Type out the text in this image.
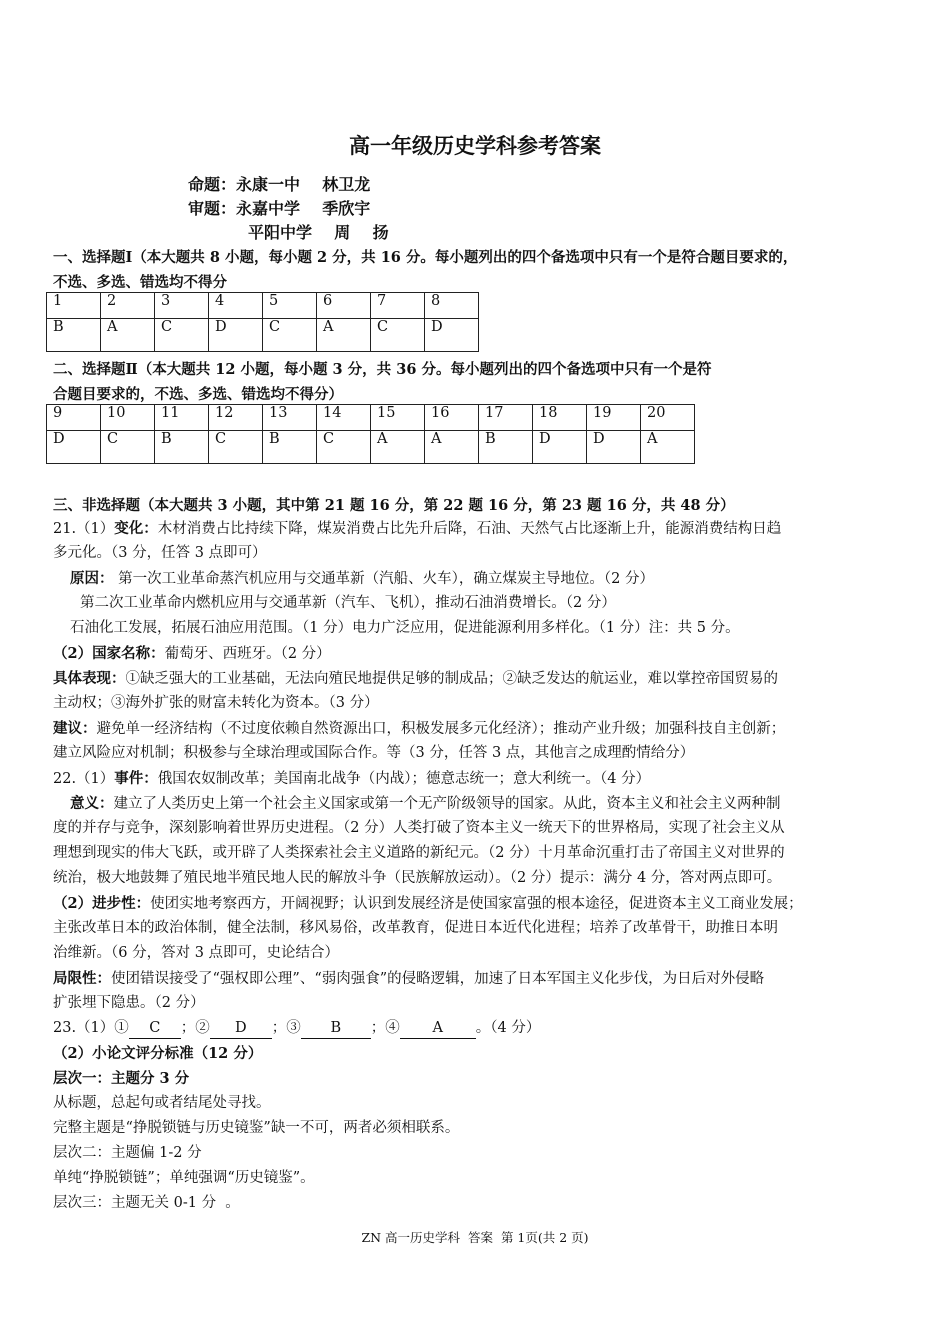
高一年级历史学科参考答案
命题：永康一中    林卫龙
审题：永嘉中学    季欣宇
平阳中学    周    扬
一、选择题Ⅰ（本大题共 8 小题，每小题 2 分，共 16 分。每小题列出的四个备选项中只有一个是符合题目要求的，
不选、多选、错选均不得分
1	2	3	4	5	6	7	8
B	A	C	D	C	A	C	D
二、选择题Ⅱ（本大题共 12 小题，每小题 3 分，共 36 分。每小题列出的四个备选项中只有一个是符
合题目要求的，不选、多选、错选均不得分）
9	10	11	12	13	14	15	16	17	18	19	20
D	C	B	C	B	C	A	A	B	D	D	A
三、非选择题（本大题共 3 小题，其中第 21 题 16 分，第 22 题 16 分，第 23 题 16 分，共 48 分）
21.（1）变化：木材消费占比持续下降，煤炭消费占比先升后降，石油、天然气占比逐渐上升，能源消费结构日趋
多元化。（3 分，任答 3 点即可）
原因： 第一次工业革命蒸汽机应用与交通革新（汽船、火车），确立煤炭主导地位。（2 分）
第二次工业革命内燃机应用与交通革新（汽车、飞机），推动石油消费增长。（2 分）
石油化工发展，拓展石油应用范围。（1 分）电力广泛应用，促进能源利用多样化。（1 分）注：共 5 分。
（2）国家名称：葡萄牙、西班牙。（2 分）
具体表现：①缺乏强大的工业基础，无法向殖民地提供足够的制成品；②缺乏发达的航运业，难以掌控帝国贸易的
主动权；③海外扩张的财富未转化为资本。（3 分）
建议：避免单一经济结构（不过度依赖自然资源出口，积极发展多元化经济）；推动产业升级；加强科技自主创新；
建立风险应对机制；积极参与全球治理或国际合作。等（3 分，任答 3 点，其他言之成理酌情给分）
22.（1）事件：俄国农奴制改革；美国南北战争（内战）；德意志统一；意大利统一。（4 分）
意义：建立了人类历史上第一个社会主义国家或第一个无产阶级领导的国家。从此，资本主义和社会主义两种制
度的并存与竞争，深刻影响着世界历史进程。（2 分）人类打破了资本主义一统天下的世界格局，实现了社会主义从
理想到现实的伟大飞跃，或开辟了人类探索社会主义道路的新纪元。（2 分）十月革命沉重打击了帝国主义对世界的
统治，极大地鼓舞了殖民地半殖民地人民的解放斗争（民族解放运动）。（2 分）提示：满分 4 分，答对两点即可。
（2）进步性：使团实地考察西方，开阔视野；认识到发展经济是使国家富强的根本途径，促进资本主义工商业发展；
主张改革日本的政治体制，健全法制，移风易俗，改革教育，促进日本近代化进程；培养了改革骨干，助推日本明
治维新。（6 分，答对 3 点即可，史论结合）
局限性：使团错误接受了“强权即公理”、“弱肉强食”的侵略逻辑，加速了日本军国主义化步伐，为日后对外侵略
扩张埋下隐患。（2 分）
23.（1）① C ；② D ；③ B ；④ A 。（4 分）
（2）小论文评分标准（12 分）
层次一：主题分 3 分
从标题，总起句或者结尾处寻找。
完整主题是“挣脱锁链与历史镜鉴”缺一不可，两者必须相联系。
层次二：主题偏 1-2 分
单纯“挣脱锁链”；单纯强调“历史镜鉴”。
层次三：主题无关 0-1 分  。
ZN 高一历史学科  答案  第 1页(共 2 页)
